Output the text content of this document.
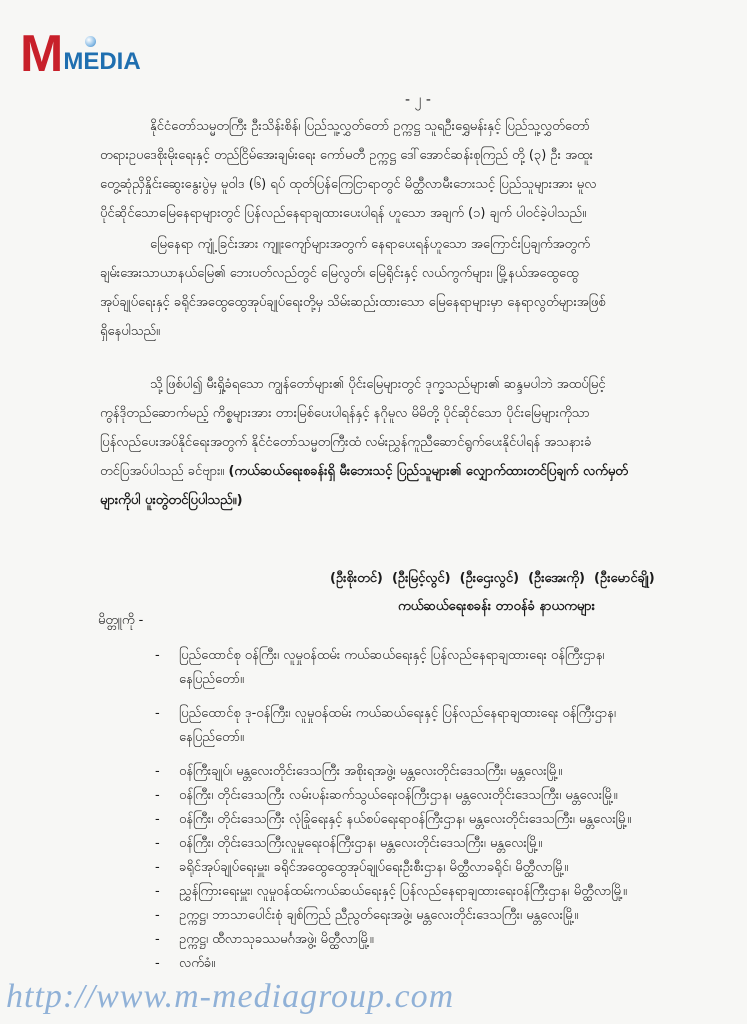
M MEDIA
- ၂ -
နိုင်ငံတော်သမ္မတကြီး ဦးသိန်းစိန်၊ ပြည်သူ့လွှတ်တော် ဥက္ကဋ္ဌ သူရဦးရွှေမန်းနှင့် ပြည်သူ့လွှတ်တော်
တရားဥပဒေစိုးမိုးရေးနှင့် တည်ငြိမ်အေးချမ်းရေး ကော်မတီ ဥက္ကဋ္ဌ ဒေါ်အောင်ဆန်းစုကြည် တို့ (၃) ဦး အထူး
တွေ့ဆုံညှိနှိုင်းဆွေးနွေးပွဲမှ မူဝါဒ (၆) ရပ် ထုတ်ပြန်ကြေငြာရာတွင် မိတ္ထီလာမီးဘေးသင့် ပြည်သူများအား မူလ
ပိုင်ဆိုင်သောမြေနေရာများတွင် ပြန်လည်နေရာချထားပေးပါရန် ဟူသော အချက် (၁) ချက် ပါဝင်ခဲ့ပါသည်။
မြေနေရာ ကျုံ့ခြင်းအား ကျူးကျော်များအတွက် နေရာပေးရန်ဟူသော အကြောင်းပြချက်အတွက်
ချမ်းအေးသာယာနယ်မြေ၏ ဘေးပတ်လည်တွင် မြေလွတ်၊ မြေရိုင်းနှင့် လယ်ကွက်များ၊ မြို့နယ်အထွေထွေ
အုပ်ချုပ်ရေးနှင့် ခရိုင်အထွေထွေအုပ်ချုပ်ရေးတို့မှ သိမ်းဆည်းထားသော မြေနေရာများမှာ နေရာလွတ်များအဖြစ်
ရှိနေပါသည်။
သို့ဖြစ်ပါ၍ မီးရှို့ခံရသော ကျွန်တော်များ၏ ပိုင်းမြေများတွင် ဒုက္ခသည်များ၏ ဆန္ဒမပါဘဲ အထပ်မြင့်
ကွန်ဒိုတည်ဆောက်မည့် ကိစ္စများအား တားမြစ်ပေးပါရန်နှင့် နဂိုမူလ မိမိတို့ ပိုင်ဆိုင်သော ပိုင်းမြေများကိုသာ
ပြန်လည်ပေးအပ်နိုင်ရေးအတွက် နိုင်ငံတော်သမ္မတကြီးထံ လမ်းညွှန်ကူညီဆောင်ရွက်ပေးနိုင်ပါရန် အသနားခံ
တင်ပြအပ်ပါသည် ခင်ဗျား။ (ကယ်ဆယ်ရေးစခန်းရှိ မီးဘေးသင့် ပြည်သူများ၏ လျှောက်ထားတင်ပြချက် လက်မှတ်
များကိုပါ ပူးတွဲတင်ပြပါသည်။)
(ဦးစိုးတင်) (ဦးမြင့်လွင်) (ဦးဌေးလွင်) (ဦးအေးကို) (ဦးမောင်ချို)
ကယ်ဆယ်ရေးစခန်း တာဝန်ခံ နာယကများ
မိတ္တူကို -
- ပြည်ထောင်စု ဝန်ကြီး၊ လူမှုဝန်ထမ်း ကယ်ဆယ်ရေးနှင့် ပြန်လည်နေရာချထားရေး ဝန်ကြီးဌာန၊
နေပြည်တော်။
- ပြည်ထောင်စု ဒု-ဝန်ကြီး၊ လူမှုဝန်ထမ်း ကယ်ဆယ်ရေးနှင့် ပြန်လည်နေရာချထားရေး ဝန်ကြီးဌာန၊
နေပြည်တော်။
- ဝန်ကြီးချုပ်၊ မန္တလေးတိုင်းဒေသကြီး အစိုးရအဖွဲ့၊ မန္တလေးတိုင်းဒေသကြီး၊ မန္တလေးမြို့။
- ဝန်ကြီး၊ တိုင်းဒေသကြီး လမ်းပန်းဆက်သွယ်ရေးဝန်ကြီးဌာန၊ မန္တလေးတိုင်းဒေသကြီး၊ မန္တလေးမြို့။
- ဝန်ကြီး၊ တိုင်းဒေသကြီး လုံခြုံရေးနှင့် နယ်စပ်ရေးရာဝန်ကြီးဌာန၊ မန္တလေးတိုင်းဒေသကြီး၊ မန္တလေးမြို့။
- ဝန်ကြီး၊ တိုင်းဒေသကြီးလူမှုရေးဝန်ကြီးဌာန၊ မန္တလေးတိုင်းဒေသကြီး၊ မန္တလေးမြို့။
- ခရိုင်အုပ်ချုပ်ရေးမှူး၊ ခရိုင်အထွေထွေအုပ်ချုပ်ရေးဦးစီးဌာန၊ မိတ္ထီလာခရိုင်၊ မိတ္ထီလာမြို့။
- ညွှန်ကြားရေးမှူး၊ လူမှုဝန်ထမ်းကယ်ဆယ်ရေးနှင့် ပြန်လည်နေရာချထားရေးဝန်ကြီးဌာန၊ မိတ္ထီလာမြို့။
- ဥက္ကဋ္ဌ၊ ဘာသာပေါင်းစုံ ချစ်ကြည် ညီညွတ်ရေးအဖွဲ့၊ မန္တလေးတိုင်းဒေသကြီး၊ မန္တလေးမြို့။
- ဥက္ကဋ္ဌ၊ ထီလာသုခဿမင်္ဂအဖွဲ့၊ မိတ္ထီလာမြို့။
- လက်ခံ။
http://www.m-mediagroup.com
